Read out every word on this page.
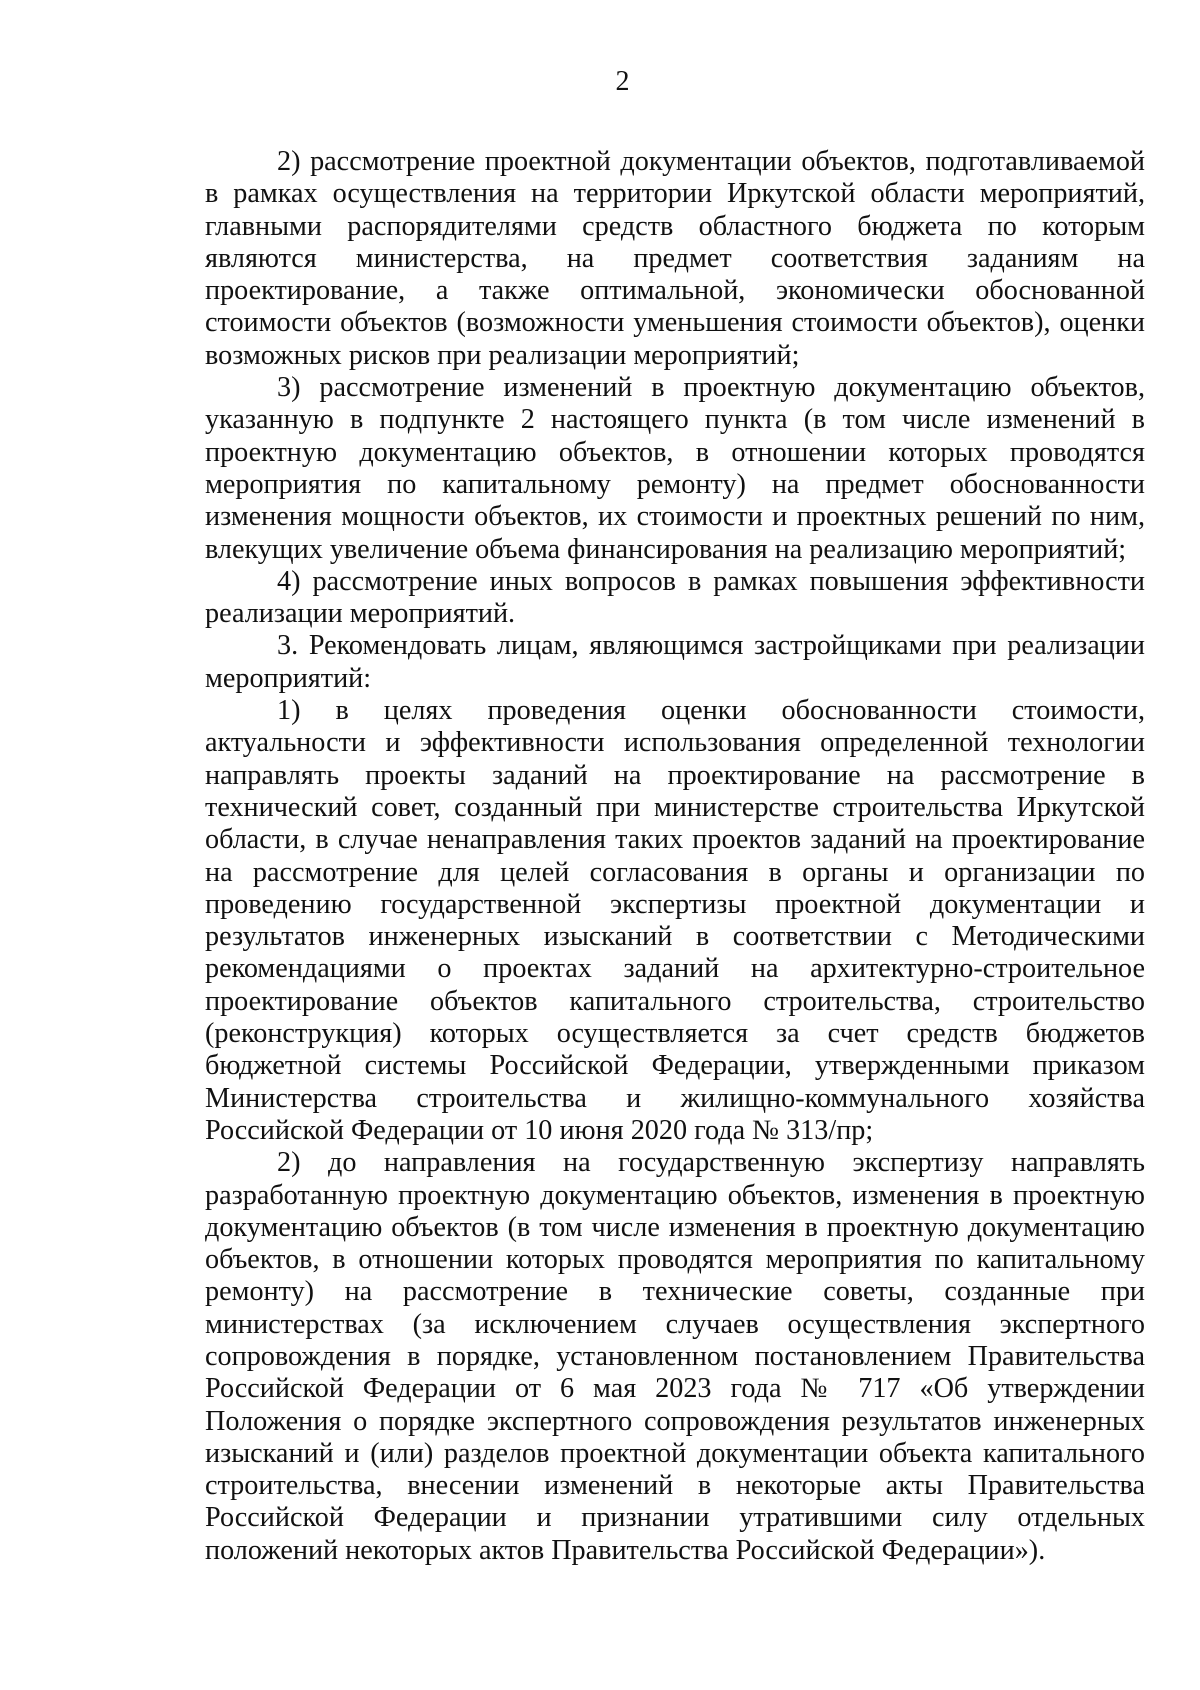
2

2) рассмотрение проектной документации объектов, подготавливаемой в рамках осуществления на территории Иркутской области мероприятий, главными распорядителями средств областного бюджета по которым являются министерства, на предмет соответствия заданиям на проектирование, а также оптимальной, экономически обоснованной стоимости объектов (возможности уменьшения стоимости объектов), оценки возможных рисков при реализации мероприятий;

3) рассмотрение изменений в проектную документацию объектов, указанную в подпункте 2 настоящего пункта (в том числе изменений в проектную документацию объектов, в отношении которых проводятся мероприятия по капитальному ремонту) на предмет обоснованности изменения мощности объектов, их стоимости и проектных решений по ним, влекущих увеличение объема финансирования на реализацию мероприятий;

4) рассмотрение иных вопросов в рамках повышения эффективности реализации мероприятий.

3. Рекомендовать лицам, являющимся застройщиками при реализации мероприятий:

1) в целях проведения оценки обоснованности стоимости, актуальности и эффективности использования определенной технологии направлять проекты заданий на проектирование на рассмотрение в технический совет, созданный при министерстве строительства Иркутской области, в случае ненаправления таких проектов заданий на проектирование на рассмотрение для целей согласования в органы и организации по проведению государственной экспертизы проектной документации и результатов инженерных изысканий в соответствии с Методическими рекомендациями о проектах заданий на архитектурно-строительное проектирование объектов капитального строительства, строительство (реконструкция) которых осуществляется за счет средств бюджетов бюджетной системы Российской Федерации, утвержденными приказом Министерства строительства и жилищно-коммунального хозяйства Российской Федерации от 10 июня 2020 года № 313/пр;

2) до направления на государственную экспертизу направлять разработанную проектную документацию объектов, изменения в проектную документацию объектов (в том числе изменения в проектную документацию объектов, в отношении которых проводятся мероприятия по капитальному ремонту) на рассмотрение в технические советы, созданные при министерствах (за исключением случаев осуществления экспертного сопровождения в порядке, установленном постановлением Правительства Российской Федерации от 6 мая 2023 года № 717 «Об утверждении Положения о порядке экспертного сопровождения результатов инженерных изысканий и (или) разделов проектной документации объекта капитального строительства, внесении изменений в некоторые акты Правительства Российской Федерации и признании утратившими силу отдельных положений некоторых актов Правительства Российской Федерации»).
